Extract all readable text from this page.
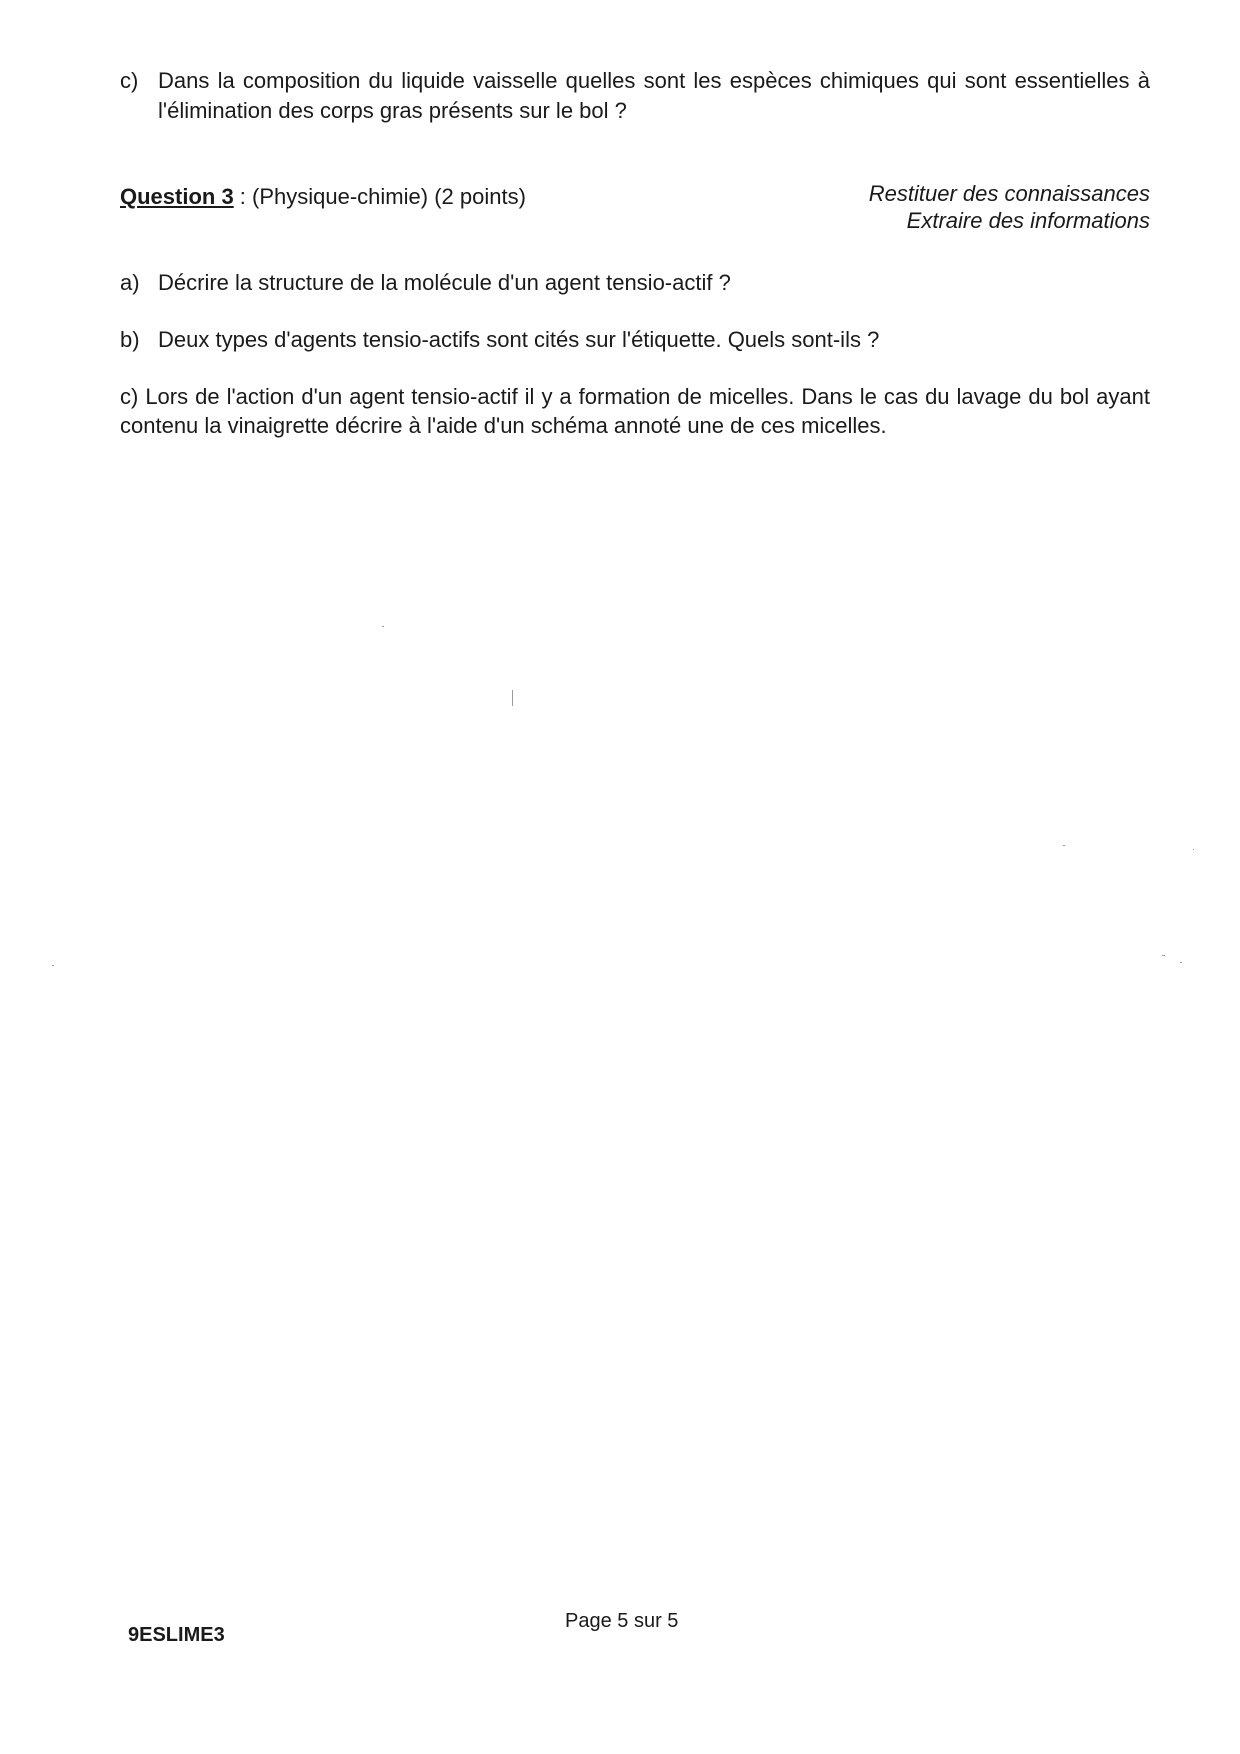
c) Dans la composition du liquide vaisselle quelles sont les espèces chimiques qui sont essentielles à l'élimination des corps gras présents sur le bol ?
Question 3 : (Physique-chimie) (2 points)	Restituer des connaissances
Extraire des informations
a) Décrire la structure de la molécule d'un agent tensio-actif ?
b) Deux types d'agents tensio-actifs sont cités sur l'étiquette. Quels sont-ils ?
c) Lors de l'action d'un agent tensio-actif il y a formation de micelles. Dans le cas du lavage du bol ayant contenu la vinaigrette décrire à l'aide d'un schéma annoté une de ces micelles.
9ESLIME3
Page 5 sur 5
